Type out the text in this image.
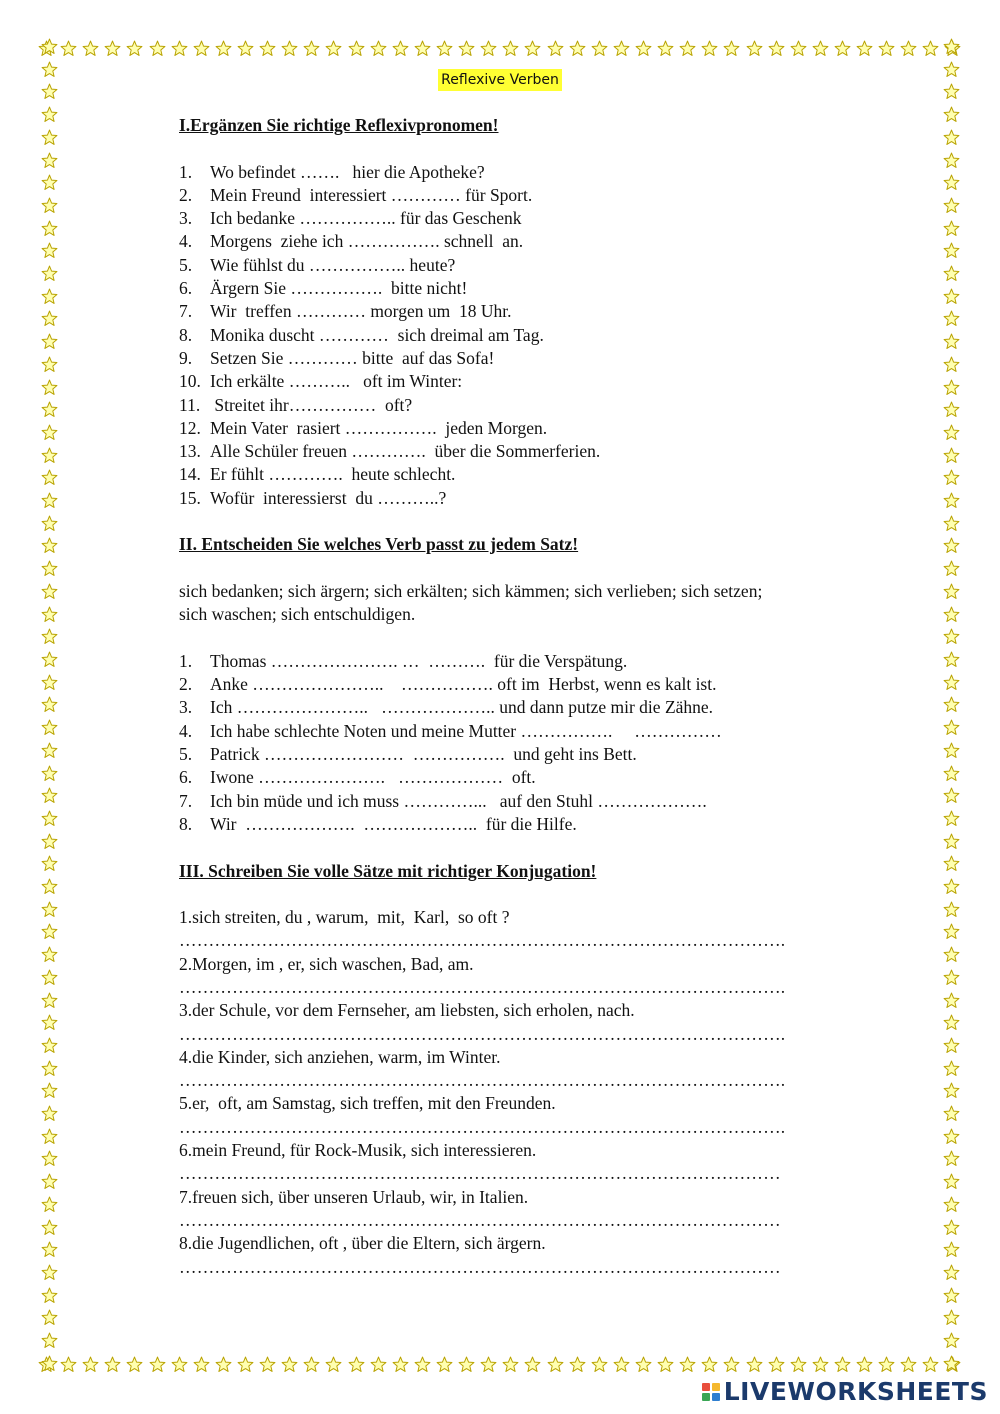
Reflexive Verben

I.Ergänzen Sie richtige Reflexivpronomen!

1.	Wo befindet …….   hier die Apotheke?
2.	Mein Freund  interessiert ………… für Sport.
3.	Ich bedanke …………….. für das Geschenk
4.	Morgens  ziehe ich ……………. schnell  an.
5.	Wie fühlst du …………….. heute?
6.	Ärgern Sie …………….  bitte nicht!
7.	Wir  treffen ………… morgen um  18 Uhr.
8.	Monika duscht …………  sich dreimal am Tag.
9.	Setzen Sie ………… bitte  auf das Sofa!
10. Ich erkälte ………..   oft im Winter:
11. Streitet ihr……………  oft?
12. Mein Vater  rasiert …………….  jeden Morgen.
13. Alle Schüler freuen ………….  über die Sommerferien.
14. Er fühlt ………….  heute schlecht.
15. Wofür  interessierst  du ………..?

II. Entscheiden Sie welches Verb passt zu jedem Satz!

sich bedanken; sich ärgern; sich erkälten; sich kämmen; sich verlieben; sich setzen;

sich waschen; sich entschuldigen.

1.	Thomas …………………. …  ……….  für die Verspätung.
2.	Anke …………………..    ……………. oft im  Herbst, wenn es kalt ist.
3.	Ich …………………..   ……………….. und dann putze mir die Zähne.
4.	Ich habe schlechte Noten und meine Mutter …………….     ……………
5.	Patrick ……………………  …………….  und geht ins Bett.
6.	Iwone ………………….   ………………  oft.
7.	Ich bin müde und ich muss …………...   auf den Stuhl ……………….
8.	Wir  ……………….  ………………..  für die Hilfe.

III. Schreiben Sie volle Sätze mit richtiger Konjugation!

1.sich streiten, du , warum,  mit,  Karl,  so oft ?
………………………………………………………………………………………….
2.Morgen, im , er, sich waschen, Bad, am.
………………………………………………………………………………………….
3.der Schule, vor dem Fernseher, am liebsten, sich erholen, nach.
………………………………………………………………………………………….
4.die Kinder, sich anziehen, warm, im Winter.
………………………………………………………………………………………….
5.er,  oft, am Samstag, sich treffen, mit den Freunden.
………………………………………………………………………………………….
6.mein Freund, für Rock-Musik, sich interessieren.
…………………………………………………………………………………………
7.freuen sich, über unseren Urlaub, wir, in Italien.
…………………………………………………………………………………………
8.die Jugendlichen, oft , über die Eltern, sich ärgern.
…………………………………………………………………………………………
LIVEWORKSHEETS
